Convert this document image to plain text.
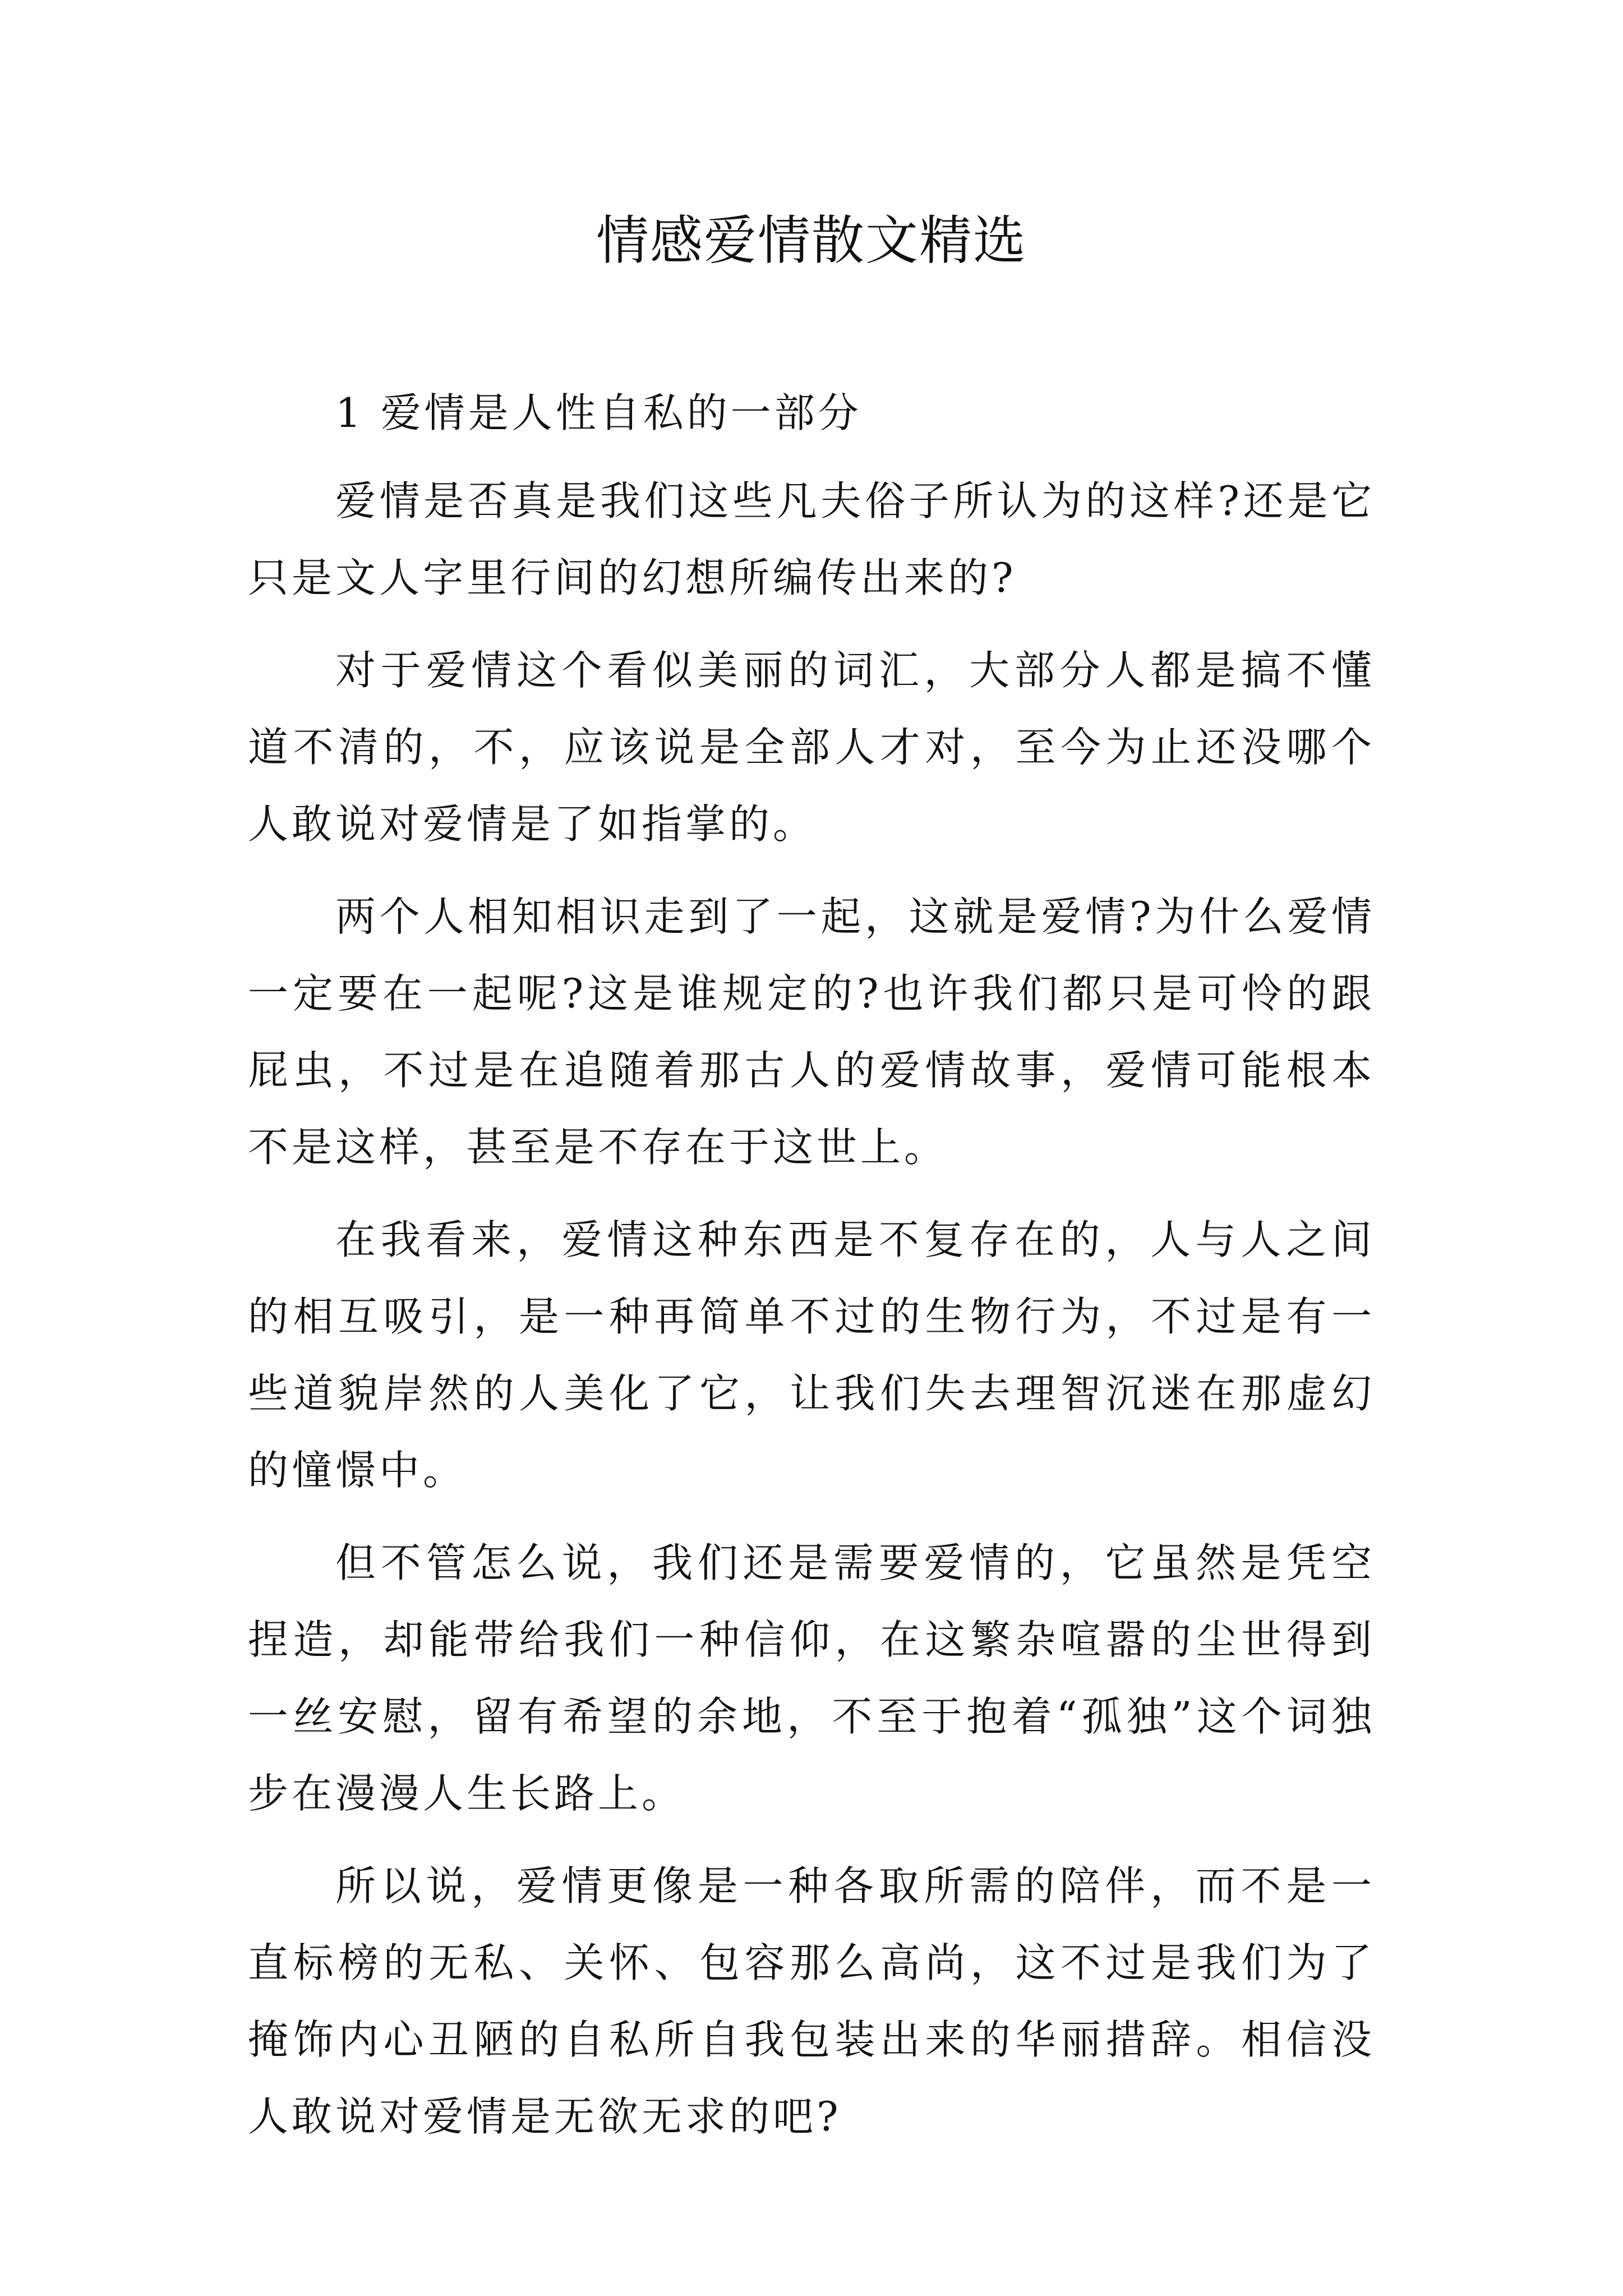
情感爱情散文精选

1 爱情是人性自私的一部分

爱情是否真是我们这些凡夫俗子所认为的这样?还是它只是文人字里行间的幻想所编传出来的?

对于爱情这个看似美丽的词汇，大部分人都是搞不懂道不清的，不，应该说是全部人才对，至今为止还没哪个人敢说对爱情是了如指掌的。

两个人相知相识走到了一起，这就是爱情?为什么爱情一定要在一起呢?这是谁规定的?也许我们都只是可怜的跟屁虫，不过是在追随着那古人的爱情故事，爱情可能根本不是这样，甚至是不存在于这世上。

在我看来，爱情这种东西是不复存在的，人与人之间的相互吸引，是一种再简单不过的生物行为，不过是有一些道貌岸然的人美化了它，让我们失去理智沉迷在那虚幻的憧憬中。

但不管怎么说，我们还是需要爱情的，它虽然是凭空捏造，却能带给我们一种信仰，在这繁杂喧嚣的尘世得到一丝安慰，留有希望的余地，不至于抱着“孤独”这个词独步在漫漫人生长路上。

所以说，爱情更像是一种各取所需的陪伴，而不是一直标榜的无私、关怀、包容那么高尚，这不过是我们为了掩饰内心丑陋的自私所自我包装出来的华丽措辞。相信没人敢说对爱情是无欲无求的吧?
